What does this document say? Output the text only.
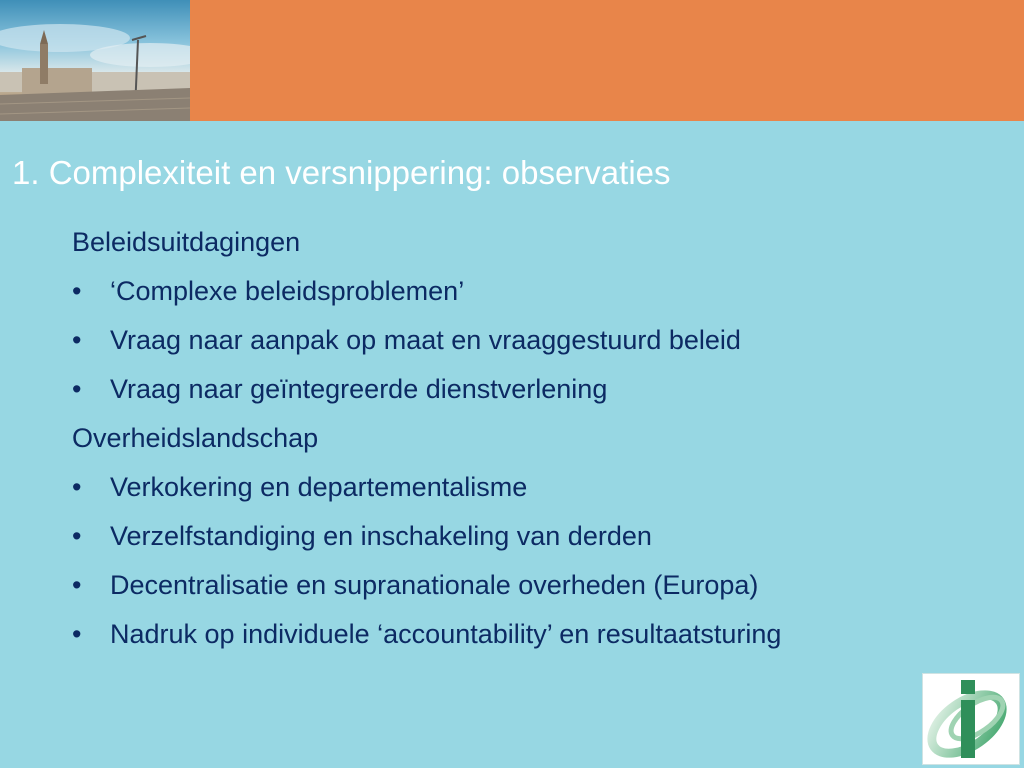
1. Complexiteit en versnippering: observaties
Beleidsuitdagingen
•	‘Complexe beleidsproblemen’
•	Vraag naar aanpak op maat en vraaggestuurd beleid
•	Vraag naar geïntegreerde dienstverlening
Overheidslandschap
•	Verkokering en departementalisme
•	Verzelfstandiging en inschakeling van derden
•	Decentralisatie en supranationale overheden (Europa)
•	Nadruk op individuele ‘accountability’ en resultaatsturing
